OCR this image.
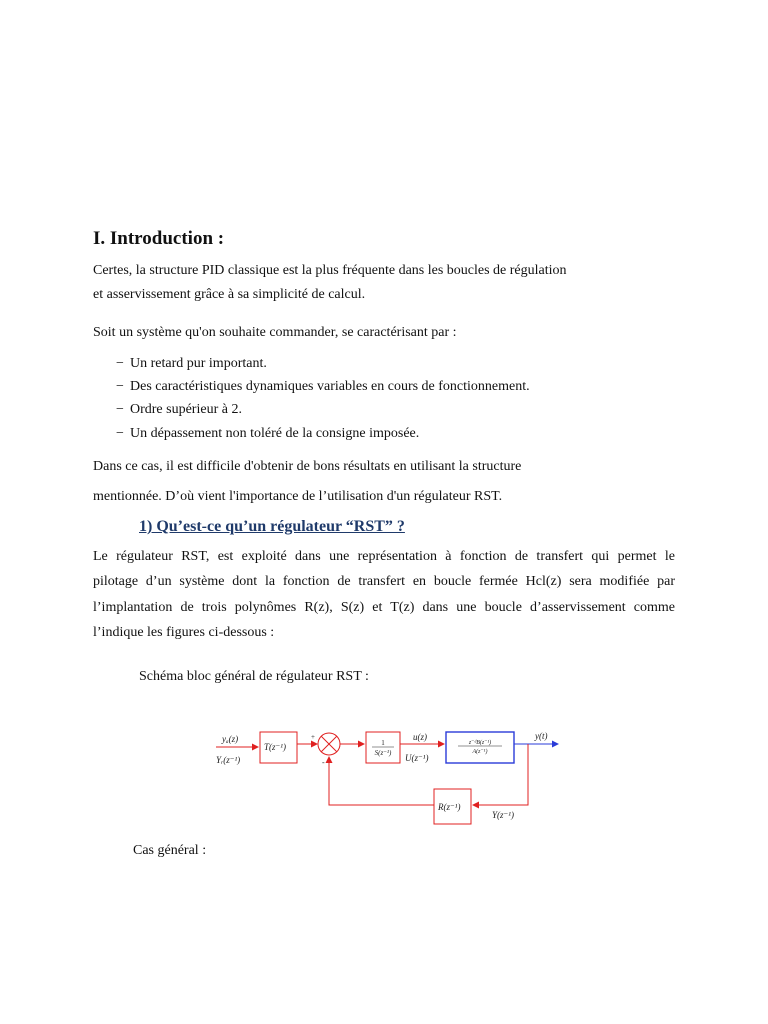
I. Introduction :
Certes, la structure PID classique est la plus fréquente dans les boucles de régulation
et asservissement grâce à sa simplicité de calcul.
Soit un système qu'on souhaite commander, se caractérisant par :
− Un retard pur important.
− Des caractéristiques dynamiques variables en cours de fonctionnement.
− Ordre supérieur à 2.
− Un dépassement non toléré de la consigne imposée.
Dans ce cas, il est difficile d'obtenir de bons résultats en utilisant la structure
mentionnée. D’où vient l'importance de l’utilisation d'un régulateur RST.
1) Qu’est-ce qu’un régulateur “RST” ?
Le régulateur RST, est exploité dans une représentation à fonction de transfert qui permet le
pilotage d’un système dont la fonction de transfert en boucle fermée Hcl(z) sera modifiée par
l’implantation de trois polynômes R(z), S(z) et T(z) dans une boucle d’asservissement comme
l’indique les figures ci-dessous :
Schéma bloc général de régulateur RST :
yₐ(z)
Yᵣ(z⁻¹)
T(z⁻¹)
+
-
1
S(z⁻¹)
u(z)
U(z⁻¹)
z⁻ᵈB(z⁻¹)
A(z⁻¹)
y(t)
Y(z⁻¹)
R(z⁻¹)
Cas général :
